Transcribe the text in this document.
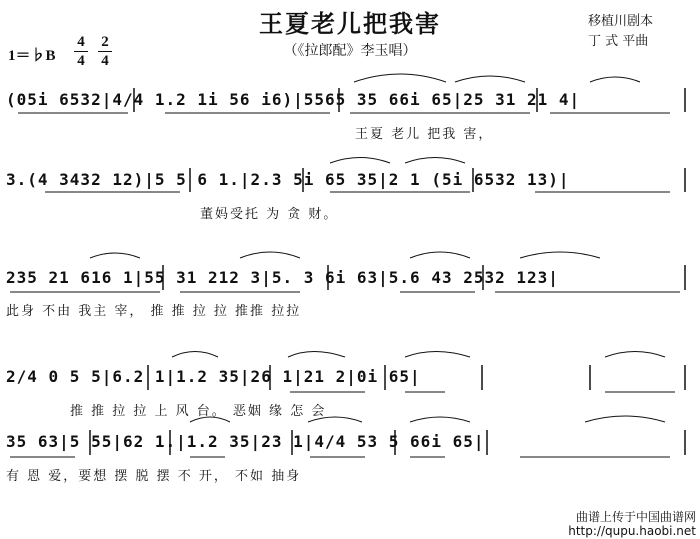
王夏老儿把我害
（《拉郎配》李玉唱）
移植川剧本
丁 式 平曲
1＝♭B
4
4
2
4
(05i 6532|4/4 1.2 1i 56 i6)|5565 35 66i 65|25 31 21 4|
王夏 老儿 把我 害，
3.(4 3432 12)|5 5 6 1.|2.3 5i 65 35|2 1 (5i 6532 13)|
董妈受托 为 贪 财。
235 21 616 1|55 31 212 3|5. 3 6i 63|5.6 43 2532 123|
此身 不由 我主 宰， 推 推 拉 拉 推推 拉拉
2/4 0 5 5|6.2 1|1.2 35|26 1|21 2|0i 65|
推 推 拉 拉 上 风 台。 恶姻 缘 怎 会
35 63|5 55|62 1.|1.2 35|23 1|4/4 53 5 66i 65|
有 恩 爱，要想 摆 脱 摆 不 开， 不如 抽身
曲谱上传于中国曲谱网
http://qupu.haobi.net
